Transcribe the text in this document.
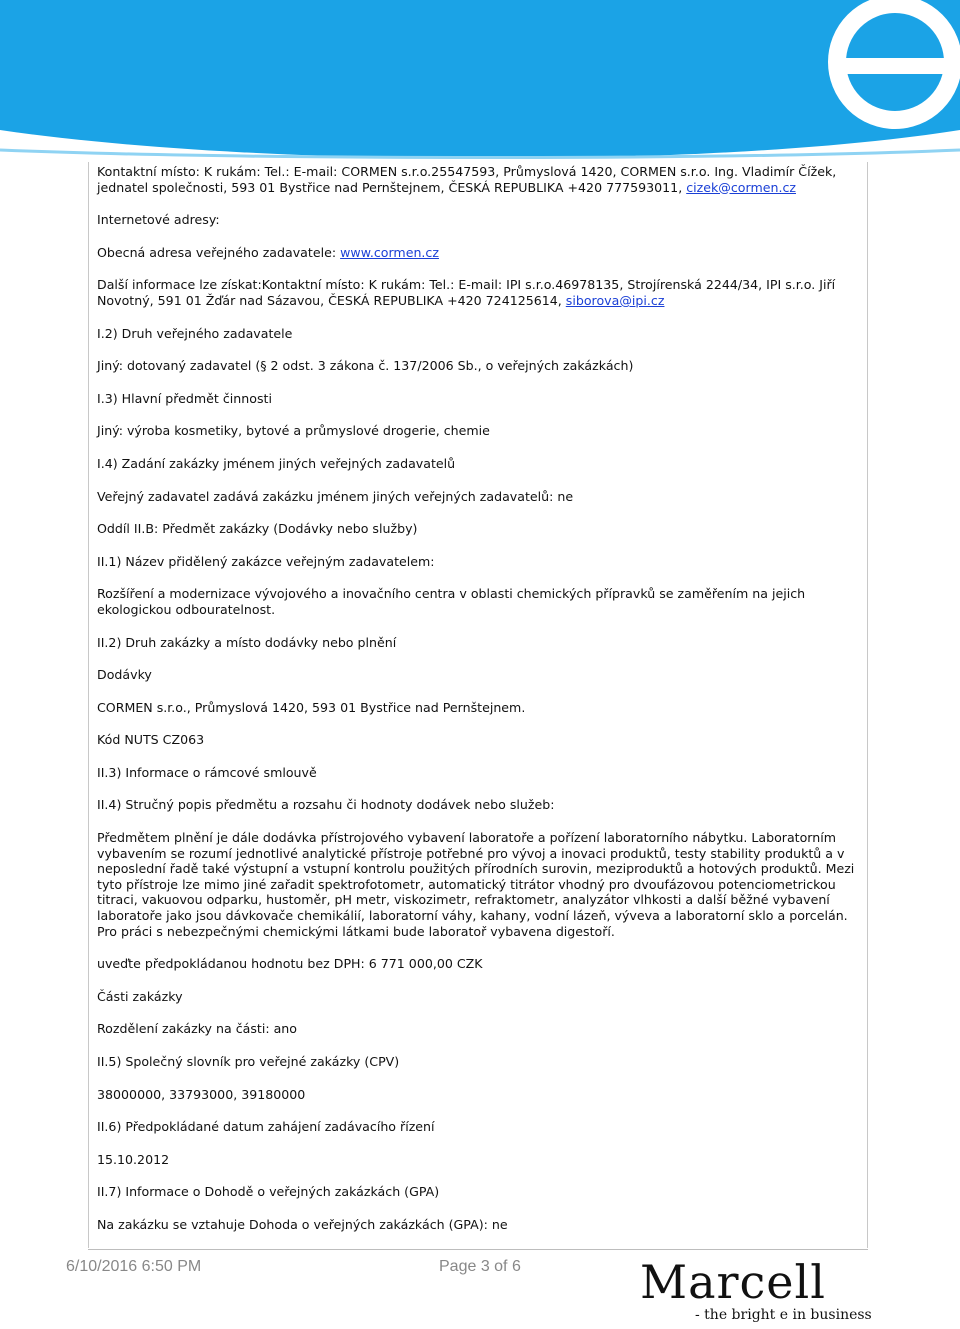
Kontaktní místo: K rukám: Tel.: E-mail: CORMEN s.r.o.25547593, Průmyslová 1420, CORMEN s.r.o. Ing. Vladimír Čížek, jednatel společnosti, 593 01 Bystřice nad Pernštejnem, ČESKÁ REPUBLIKA +420 777593011, cizek@cormen.cz

Internetové adresy:

Obecná adresa veřejného zadavatele: www.cormen.cz

Další informace lze získat:Kontaktní místo: K rukám: Tel.: E-mail: IPI s.r.o.46978135, Strojírenská 2244/34, IPI s.r.o. Jiří Novotný, 591 01 Žďár nad Sázavou, ČESKÁ REPUBLIKA +420 724125614, siborova@ipi.cz

I.2) Druh veřejného zadavatele

Jiný: dotovaný zadavatel (§ 2 odst. 3 zákona č. 137/2006 Sb., o veřejných zakázkách)

I.3) Hlavní předmět činnosti

Jiný: výroba kosmetiky, bytové a průmyslové drogerie, chemie

I.4) Zadání zakázky jménem jiných veřejných zadavatelů

Veřejný zadavatel zadává zakázku jménem jiných veřejných zadavatelů: ne

Oddíl II.B: Předmět zakázky (Dodávky nebo služby)

II.1) Název přidělený zakázce veřejným zadavatelem:

Rozšíření a modernizace vývojového a inovačního centra v oblasti chemických přípravků se zaměřením na jejich ekologickou odbouratelnost.

II.2) Druh zakázky a místo dodávky nebo plnění

Dodávky

CORMEN s.r.o., Průmyslová 1420, 593 01 Bystřice nad Pernštejnem.

Kód NUTS CZ063

II.3) Informace o rámcové smlouvě

II.4) Stručný popis předmětu a rozsahu či hodnoty dodávek nebo služeb:

Předmětem plnění je dále dodávka přístrojového vybavení laboratoře a pořízení laboratorního nábytku. Laboratorním vybavením se rozumí jednotlivé analytické přístroje potřebné pro vývoj a inovaci produktů, testy stability produktů a v neposlední řadě také výstupní a vstupní kontrolu použitých přírodních surovin, meziproduktů a hotových produktů. Mezi tyto přístroje lze mimo jiné zařadit spektrofotometr, automatický titrátor vhodný pro dvoufázovou potenciometrickou titraci, vakuovou odparku, hustoměr, pH metr, viskozimetr, refraktometr, analyzátor vlhkosti a další běžné vybavení laboratoře jako jsou dávkovače chemikálií, laboratorní váhy, kahany, vodní lázeň, výveva a laboratorní sklo a porcelán. Pro práci s nebezpečnými chemickými látkami bude laboratoř vybavena digestoří.

uveďte předpokládanou hodnotu bez DPH: 6 771 000,00 CZK

Části zakázky

Rozdělení zakázky na části: ano

II.5) Společný slovník pro veřejné zakázky (CPV)

38000000, 33793000, 39180000

II.6) Předpokládané datum zahájení zadávacího řízení

15.10.2012

II.7) Informace o Dohodě o veřejných zakázkách (GPA)

Na zakázku se vztahuje Dohoda o veřejných zakázkách (GPA): ne

6/10/2016 6:50 PM	Page 3 of 6	Marcell
- the bright e in business
